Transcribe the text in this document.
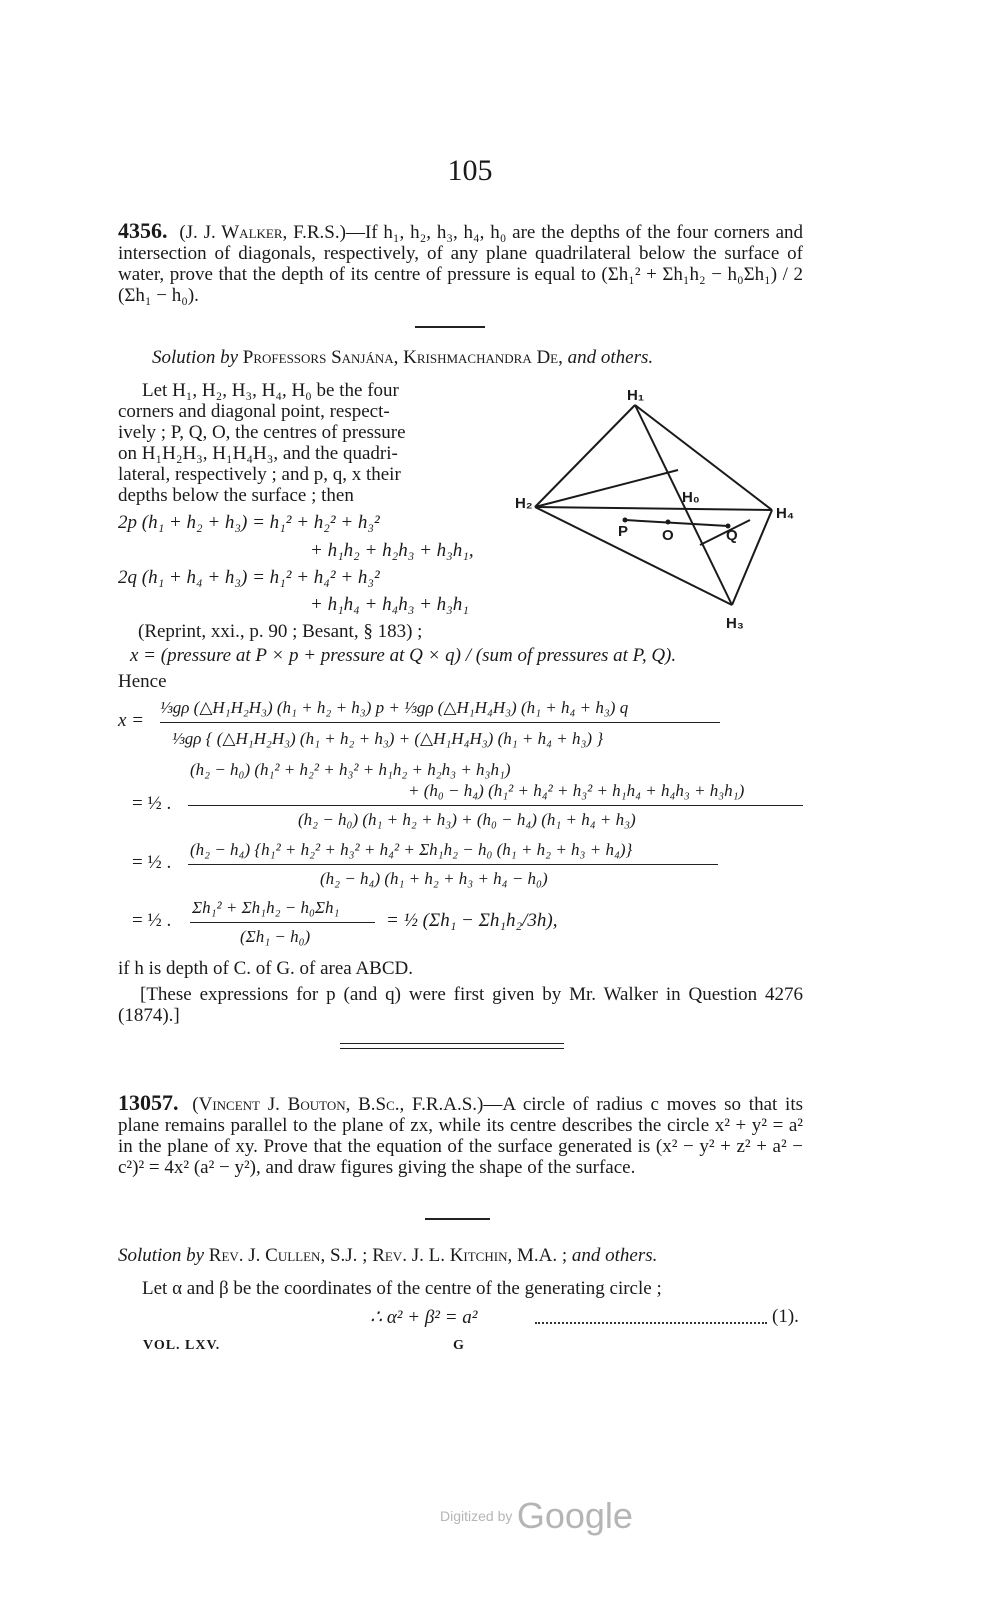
105
4356. (J. J. Walker, F.R.S.)—If h₁, h₂, h₃, h₄, h₀ are the depths of the four corners and intersection of diagonals, respectively, of any plane quadrilateral below the surface of water, prove that the depth of its centre of pressure is equal to (Σh₁² + Σh₁h₂ − h₀Σh₁) / 2 (Σh₁ − h₀).
Solution by Professors Sanjána, Krishmachandra De, and others.
Let H₁, H₂, H₃, H₄, H₀ be the four
corners and diagonal point, respect-
ively ; P, Q, O, the centres of pressure
on H₁H₂H₃, H₁H₄H₃, and the quadri-
lateral, respectively ; and p, q, x their
depths below the surface ; then
2p (h₁ + h₂ + h₃) = h₁² + h₂² + h₃²
+ h₁h₂ + h₂h₃ + h₃h₁,
2q (h₁ + h₄ + h₃) = h₁² + h₄² + h₃²
+ h₁h₄ + h₄h₃ + h₃h₁
(Reprint, xxi., p. 90 ; Besant, § 183) ;
H₁
H₂
H₃
H₄
H₀
P O	Q
x = (pressure at P × p + pressure at Q × q) / (sum of pressures at P, Q).
Hence
x =
⅓gρ (△H₁H₂H₃) (h₁ + h₂ + h₃) p + ⅓gρ (△H₁H₄H₃) (h₁ + h₄ + h₃) q
⅓gρ { (△H₁H₂H₃) (h₁ + h₂ + h₃) + (△H₁H₄H₃) (h₁ + h₄ + h₃) }
(h₂ − h₀) (h₁² + h₂² + h₃² + h₁h₂ + h₂h₃ + h₃h₁)
= ½ .
+ (h₀ − h₄) (h₁² + h₄² + h₃² + h₁h₄ + h₄h₃ + h₃h₁)
(h₂ − h₀) (h₁ + h₂ + h₃) + (h₀ − h₄) (h₁ + h₄ + h₃)
= ½ .
(h₂ − h₄) {h₁² + h₂² + h₃² + h₄² + Σh₁h₂ − h₀ (h₁ + h₂ + h₃ + h₄)}
(h₂ − h₄) (h₁ + h₂ + h₃ + h₄ − h₀)
= ½ .
Σh₁² + Σh₁h₂ − h₀Σh₁
(Σh₁ − h₀)
= ½ (Σh₁ − Σh₁h₂/3h),
if h is depth of C. of G. of area ABCD.
[These expressions for p (and q) were first given by Mr. Walker in Question 4276 (1874).]
13057. (Vincent J. Bouton, B.Sc., F.R.A.S.)—A circle of radius c moves so that its plane remains parallel to the plane of zx, while its centre describes the circle x² + y² = a² in the plane of xy. Prove that the equation of the surface generated is (x² − y² + z² + a² − c²)² = 4x² (a² − y²), and draw figures giving the shape of the surface.
Solution by Rev. J. Cullen, S.J. ; Rev. J. L. Kitchin, M.A. ; and others.
Let α and β be the coordinates of the centre of the generating circle ;
∴ α² + β² = a²	(1).
VOL. LXV.	G
Digitized by Google
